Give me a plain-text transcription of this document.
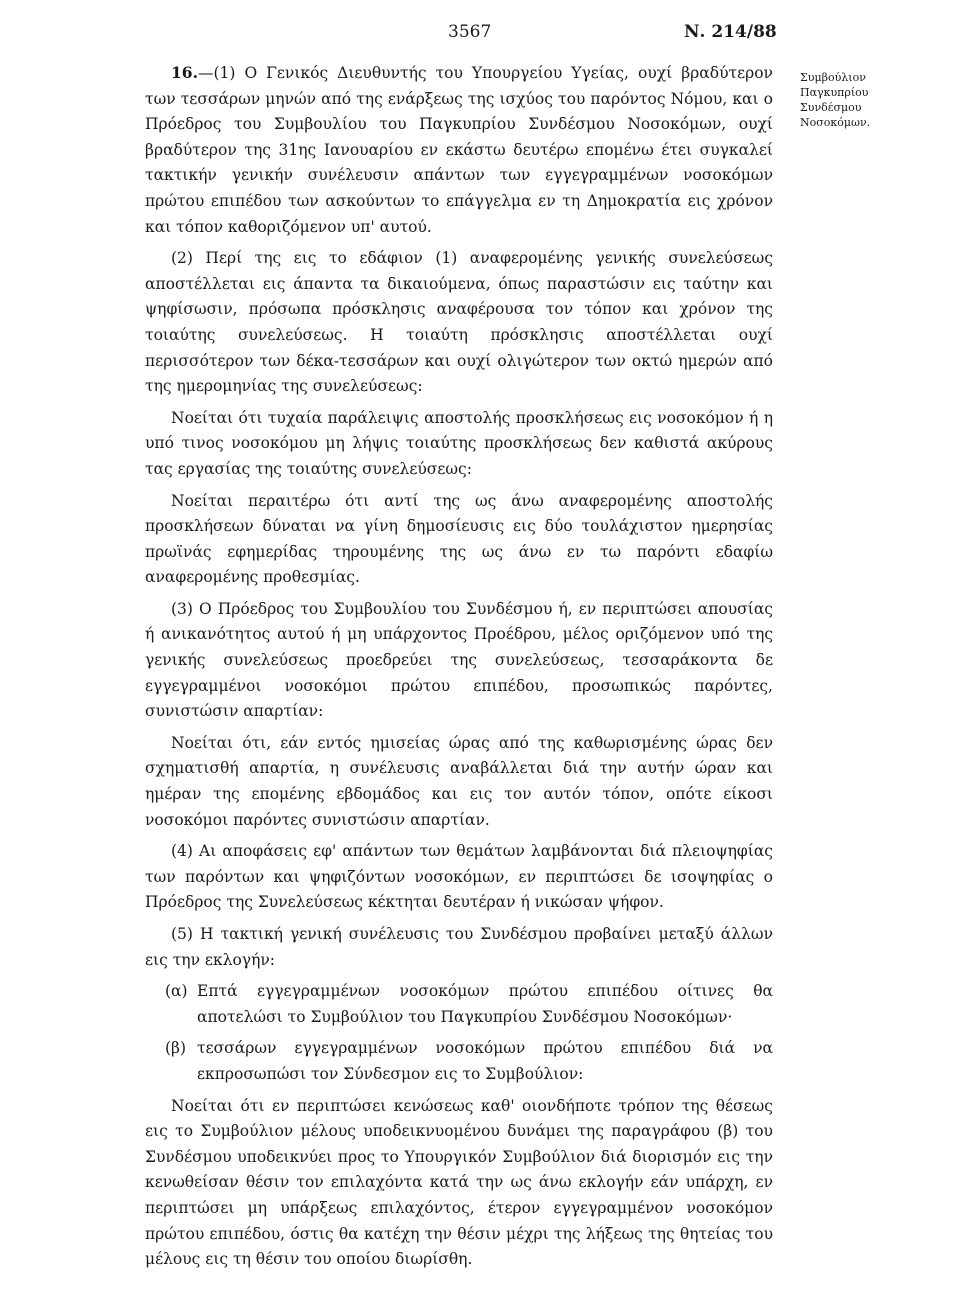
3567	Ν. 214/88
Συμβούλιον Παγκυπρίου Συνδέσμου Νοσοκόμων.

16.—(1) Ο Γενικός Διευθυντής του Υπουργείου Υγείας, ουχί βραδύτερον των τεσσάρων μηνών από της ενάρξεως της ισχύος του παρόντος Νόμου, και ο Πρόεδρος του Συμβουλίου του Παγκυπρίου Συνδέσμου Νοσοκόμων, ουχί βραδύτερον της 31ης Ιανουαρίου εν εκάστω δευτέρω επομένω έτει συγκαλεί τακτικήν γενικήν συνέλευσιν απάντων των εγγεγραμμένων νοσοκόμων πρώτου επιπέδου των ασκούντων το επάγγελμα εν τη Δημοκρατία εις χρόνον και τόπον καθοριζόμενον υπ' αυτού.

(2) Περί της εις το εδάφιον (1) αναφερομένης γενικής συνελεύσεως αποστέλλεται εις άπαντα τα δικαιούμενα, όπως παραστώσιν εις ταύτην και ψηφίσωσιν, πρόσωπα πρόσκλησις αναφέρουσα τον τόπον και χρόνον της τοιαύτης συνελεύσεως. Η τοιαύτη πρόσκλησις αποστέλλεται ουχί περισσότερον των δέκα-τεσσάρων και ουχί ολιγώτερον των οκτώ ημερών από της ημερομηνίας της συνελεύσεως:

Νοείται ότι τυχαία παράλειψις αποστολής προσκλήσεως εις νοσοκόμον ή η υπό τινος νοσοκόμου μη λήψις τοιαύτης προσκλήσεως δεν καθιστά ακύρους τας εργασίας της τοιαύτης συνελεύσεως:

Νοείται περαιτέρω ότι αντί της ως άνω αναφερομένης αποστολής προσκλήσεων δύναται να γίνη δημοσίευσις εις δύο τουλάχιστον ημερησίας πρωϊνάς εφημερίδας τηρουμένης της ως άνω εν τω παρόντι εδαφίω αναφερομένης προθεσμίας.

(3) Ο Πρόεδρος του Συμβουλίου του Συνδέσμου ή, εν περιπτώσει απουσίας ή ανικανότητος αυτού ή μη υπάρχοντος Προέδρου, μέλος οριζόμενον υπό της γενικής συνελεύσεως προεδρεύει της συνελεύσεως, τεσσαράκοντα δε εγγεγραμμένοι νοσοκόμοι πρώτου επιπέδου, προσωπικώς παρόντες, συνιστώσιν απαρτίαν:

Νοείται ότι, εάν εντός ημισείας ώρας από της καθωρισμένης ώρας δεν σχηματισθή απαρτία, η συνέλευσις αναβάλλεται διά την αυτήν ώραν και ημέραν της επομένης εβδομάδος και εις τον αυτόν τόπον, οπότε είκοσι νοσοκόμοι παρόντες συνιστώσιν απαρτίαν.

(4) Αι αποφάσεις εφ' απάντων των θεμάτων λαμβάνονται διά πλειοψηφίας των παρόντων και ψηφιζόντων νοσοκόμων, εν περιπτώσει δε ισοψηφίας ο Πρόεδρος της Συνελεύσεως κέκτηται δευτέραν ή νικώσαν ψήφον.

(5) Η τακτική γενική συνέλευσις του Συνδέσμου προβαίνει μεταξύ άλλων εις την εκλογήν:

(α) Επτά εγγεγραμμένων νοσοκόμων πρώτου επιπέδου οίτινες θα αποτελώσι το Συμβούλιον του Παγκυπρίου Συνδέσμου Νοσοκόμων·
(β) τεσσάρων εγγεγραμμένων νοσοκόμων πρώτου επιπέδου διά να εκπροσωπώσι τον Σύνδεσμον εις το Συμβούλιον:

Νοείται ότι εν περιπτώσει κενώσεως καθ' οιονδήποτε τρόπον της θέσεως εις το Συμβούλιον μέλους υποδεικνυομένου δυνάμει της παραγράφου (β) του Συνδέσμου υποδεικνύει προς το Υπουργικόν Συμβούλιον διά διορισμόν εις την κενωθείσαν θέσιν τον επιλαχόντα κατά την ως άνω εκλογήν εάν υπάρχη, εν περιπτώσει μη υπάρξεως επιλαχόντος, έτερον εγγεγραμμένον νοσοκόμον πρώτου επιπέδου, όστις θα κατέχη την θέσιν μέχρι της λήξεως της θητείας του μέλους εις τη θέσιν του οποίου διωρίσθη.
